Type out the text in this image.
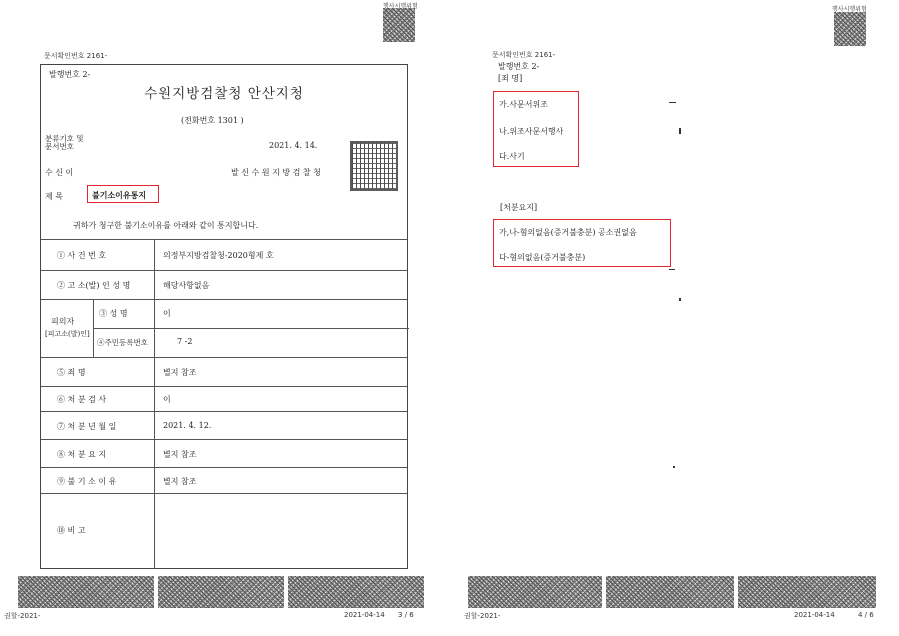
행사시행위험
문서확인번호 2161-
발행번호 2-
수원지방검찰청 안산지청
(전화번호 1301 )
분류기호 및
문서번호	2021. 4. 14.
수 신 이	발 신 수 원 지 방 검 찰 청
제 목	불기소이유통지
귀하가 청구한 불기소이유를 아래와 같이 통지합니다.
① 사 건 번 호	의정부지방검찰청-2020형제 호
② 고 소(발) 인 성 명	해당사항없음
피의자
[피고소(발)인]
③ 성 명	이
④주민등록번호	7 -2
⑤ 죄 명	별지 참조
⑥ 처 분 검 사	이
⑦ 처 분 년 월 일	2021. 4. 12.
⑧ 처 분 요 지	별지 참조
⑨ 불 기 소 이 유	별지 참조
⑩ 비 고
권할-2021-	2021-04-14 3 / 6
행사시행위험
문서확인번호 2161-
발행번호 2-
[죄 명]
가.사문서위조
나.위조사문서행사
다.사기
[처분요지]
가,나-혐의없음(증거불충분) 공소권없음
다-혐의없음(증거불충분)
권할-2021-	2021-04-14	4 / 6
